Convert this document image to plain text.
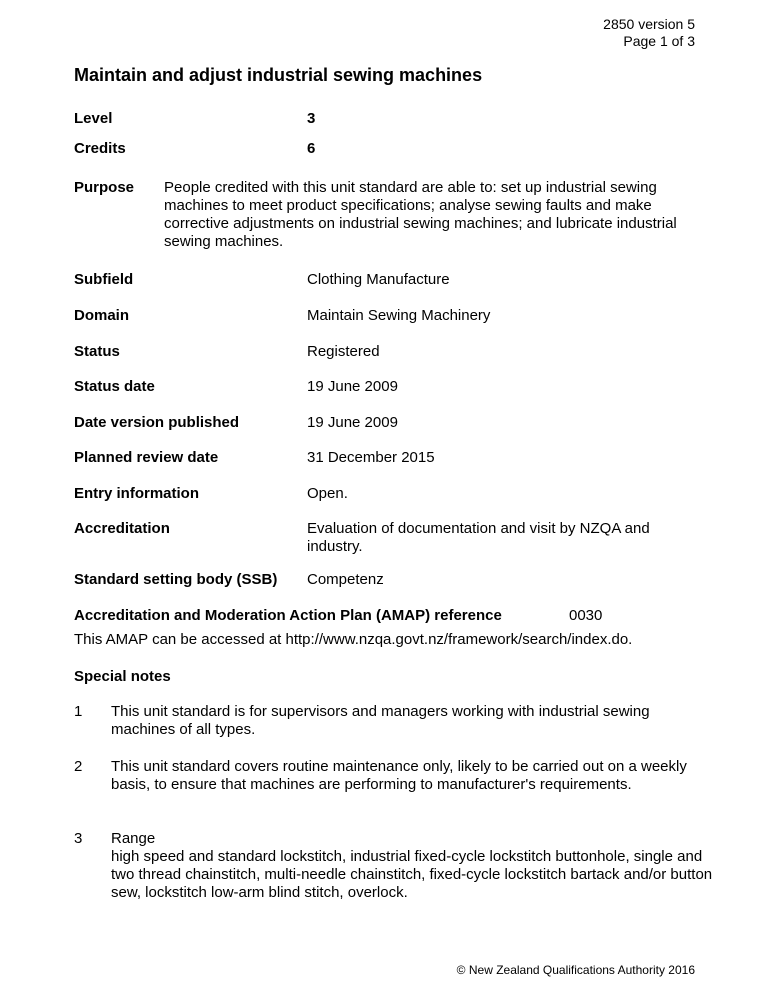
2850 version 5
Page 1 of 3
Maintain and adjust industrial sewing machines
Level	3
Credits	6
Purpose People credited with this unit standard are able to: set up industrial sewing machines to meet product specifications; analyse sewing faults and make corrective adjustments on industrial sewing machines; and lubricate industrial sewing machines.
Subfield	Clothing Manufacture
Domain	Maintain Sewing Machinery
Status	Registered
Status date	19 June 2009
Date version published	19 June 2009
Planned review date	31 December 2015
Entry information	Open.
Accreditation	Evaluation of documentation and visit by NZQA and industry.
Standard setting body (SSB) Competenz
Accreditation and Moderation Action Plan (AMAP) reference	0030
This AMAP can be accessed at http://www.nzqa.govt.nz/framework/search/index.do.
Special notes
1 This unit standard is for supervisors and managers working with industrial sewing machines of all types.
2 This unit standard covers routine maintenance only, likely to be carried out on a weekly basis, to ensure that machines are performing to manufacturer's requirements.
3 Range
high speed and standard lockstitch, industrial fixed-cycle lockstitch buttonhole, single and two thread chainstitch, multi-needle chainstitch, fixed-cycle lockstitch bartack and/or button sew, lockstitch low-arm blind stitch, overlock.
© New Zealand Qualifications Authority 2016
